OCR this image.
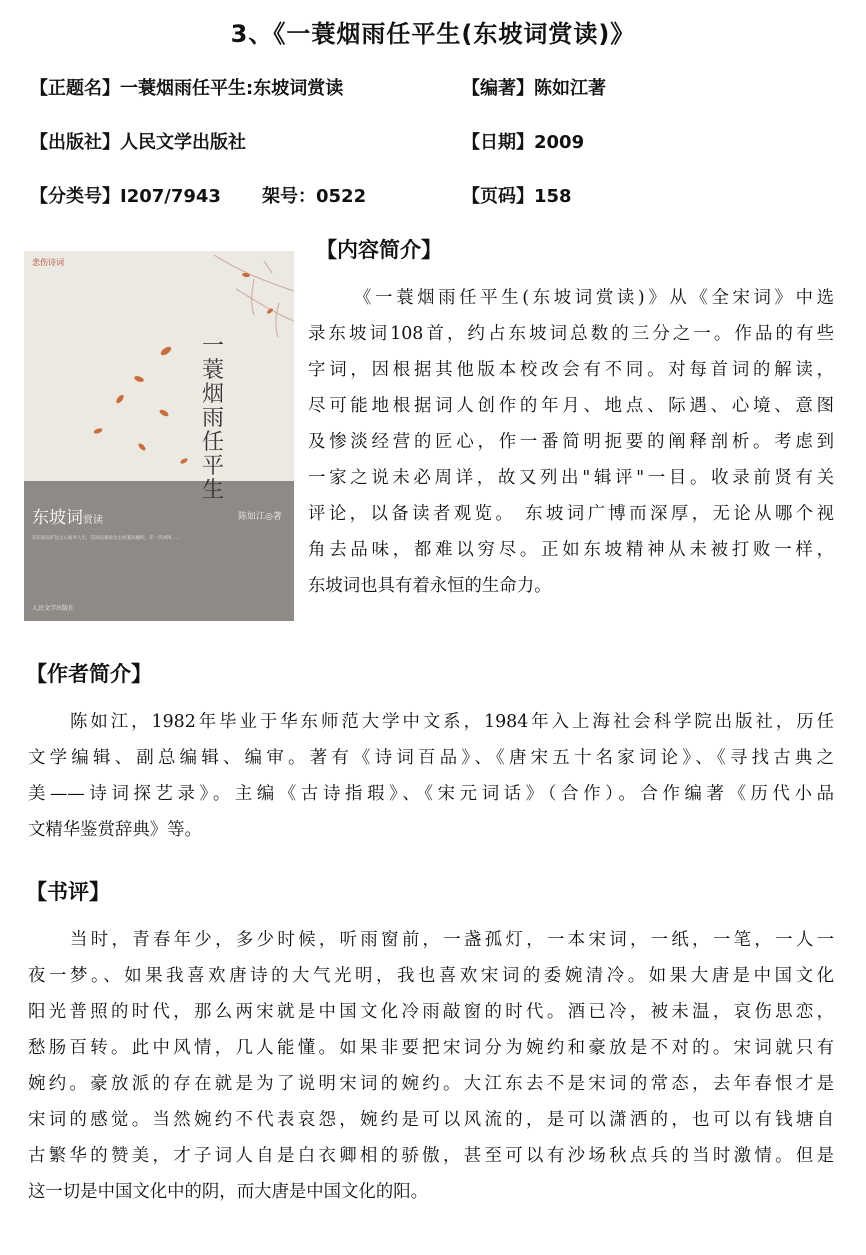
3、《一蓑烟雨任平生(东坡词赏读)》
【正题名】一蓑烟雨任平生:东坡词赏读	【编著】陈如江著
【出版社】人民文学出版社	【日期】2009
【分类号】I207/7943 架号：0522	【页码】158
悲伤诗词
一蓑烟雨任平生
东坡词赏读	陈如江◎著
苏东坡以旷达之心面对人生，其词以豪放为主而兼具婉约，开一代词风……
人民文学出版社
【内容简介】
《一蓑烟雨任平生(东坡词赏读)》从《全宋词》中选
录东坡词108首，约占东坡词总数的三分之一。作品的有些
字词，因根据其他版本校改会有不同。对每首词的解读，
尽可能地根据词人创作的年月、地点、际遇、心境、意图
及惨淡经营的匠心，作一番简明扼要的阐释剖析。考虑到
一家之说未必周详，故又列出"辑评"一目。收录前贤有关
评论，以备读者观览。 东坡词广博而深厚，无论从哪个视
角去品味，都难以穷尽。正如东坡精神从未被打败一样，
东坡词也具有着永恒的生命力。
【作者简介】
陈如江，1982年毕业于华东师范大学中文系，1984年入上海社会科学院出版社，历任
文学编辑、副总编辑、编审。著有《诗词百品》、《唐宋五十名家词论》、《寻找古典之
美——诗词探艺录》。主编《古诗指瑕》、《宋元词话》（合作）。合作编著《历代小品
文精华鉴赏辞典》等。
【书评】
当时，青春年少，多少时候，听雨窗前，一盏孤灯，一本宋词，一纸，一笔，一人一
夜一梦。、如果我喜欢唐诗的大气光明，我也喜欢宋词的委婉清冷。如果大唐是中国文化
阳光普照的时代，那么两宋就是中国文化冷雨敲窗的时代。酒已冷，被未温，哀伤思恋，
愁肠百转。此中风情，几人能懂。如果非要把宋词分为婉约和豪放是不对的。宋词就只有
婉约。豪放派的存在就是为了说明宋词的婉约。大江东去不是宋词的常态，去年春恨才是
宋词的感觉。当然婉约不代表哀怨，婉约是可以风流的，是可以潇洒的，也可以有钱塘自
古繁华的赞美，才子词人自是白衣卿相的骄傲，甚至可以有沙场秋点兵的当时激情。但是
这一切是中国文化中的阴，而大唐是中国文化的阳。
